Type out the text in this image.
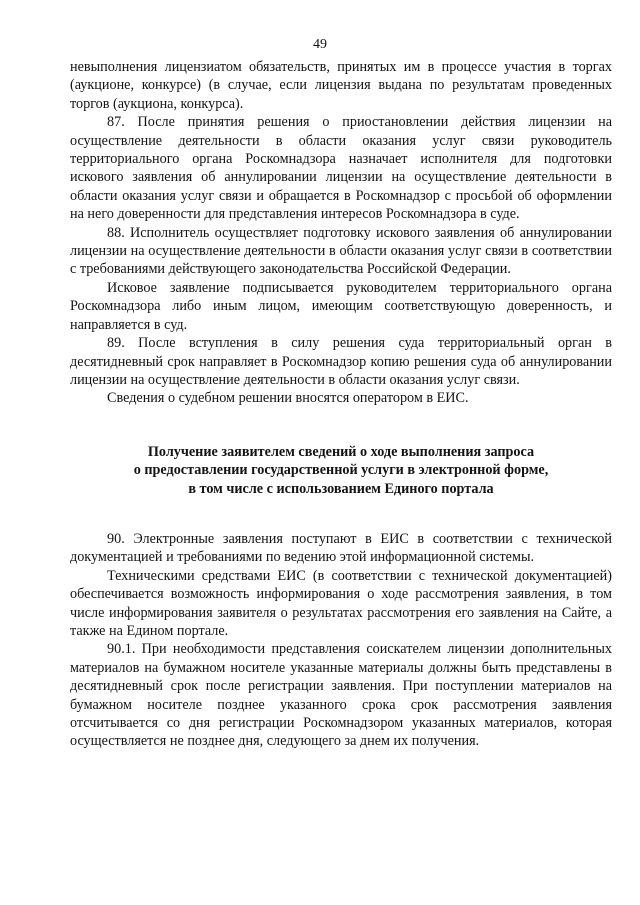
49

невыполнения лицензиатом обязательств, принятых им в процессе участия в торгах (аукционе, конкурсе) (в случае, если лицензия выдана по результатам проведенных торгов (аукциона, конкурса).

87. После принятия решения о приостановлении действия лицензии на осуществление деятельности в области оказания услуг связи руководитель территориального органа Роскомнадзора назначает исполнителя для подготовки искового заявления об аннулировании лицензии на осуществление деятельности в области оказания услуг связи и обращается в Роскомнадзор с просьбой об оформлении на него доверенности для представления интересов Роскомнадзора в суде.

88. Исполнитель осуществляет подготовку искового заявления об аннулировании лицензии на осуществление деятельности в области оказания услуг связи в соответствии с требованиями действующего законодательства Российской Федерации.

Исковое заявление подписывается руководителем территориального органа Роскомнадзора либо иным лицом, имеющим соответствующую доверенность, и направляется в суд.

89. После вступления в силу решения суда территориальный орган в десятидневный срок направляет в Роскомнадзор копию решения суда об аннулировании лицензии на осуществление деятельности в области оказания услуг связи.

Сведения о судебном решении вносятся оператором в ЕИС.

Получение заявителем сведений о ходе выполнения запроса
о предоставлении государственной услуги в электронной форме,
в том числе с использованием Единого портала

90. Электронные заявления поступают в ЕИС в соответствии с технической документацией и требованиями по ведению этой информационной системы.

Техническими средствами ЕИС (в соответствии с технической документацией) обеспечивается возможность информирования о ходе рассмотрения заявления, в том числе информирования заявителя о результатах рассмотрения его заявления на Сайте, а также на Едином портале.

90.1. При необходимости представления соискателем лицензии дополнительных материалов на бумажном носителе указанные материалы должны быть представлены в десятидневный срок после регистрации заявления. При поступлении материалов на бумажном носителе позднее указанного срока срок рассмотрения заявления отсчитывается со дня регистрации Роскомнадзором указанных материалов, которая осуществляется не позднее дня, следующего за днем их получения.
